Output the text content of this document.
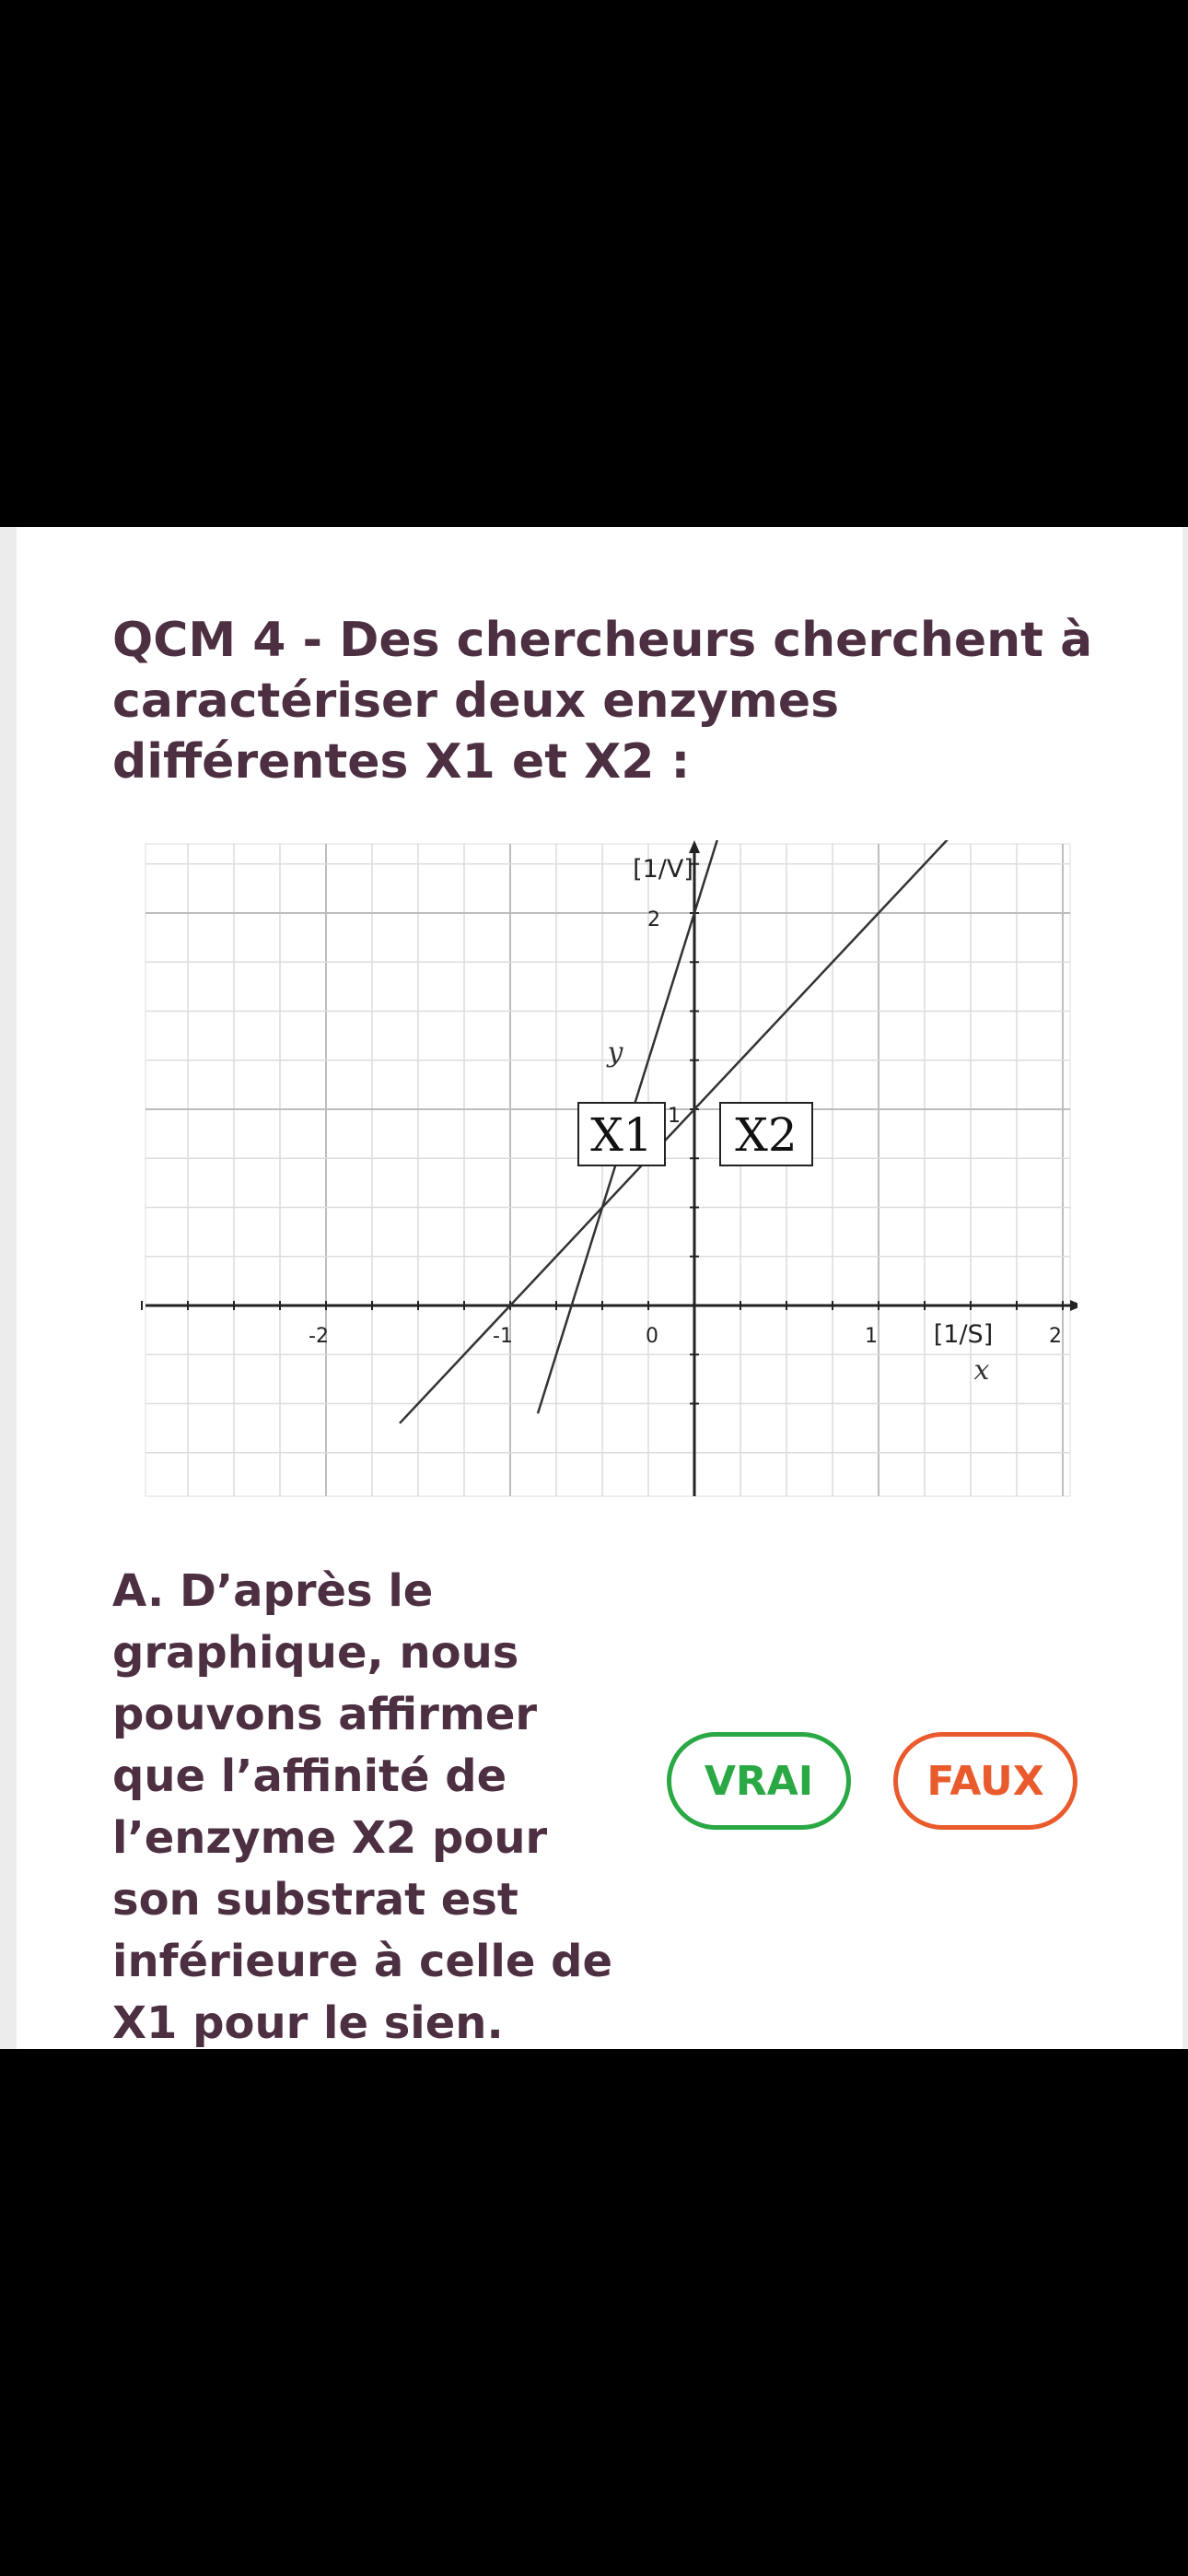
QCM 4 - Des chercheurs cherchent à caractériser deux enzymes différentes X1 et X2 :
-2	-1	0	1	2
1
2
[1/V]
[1/S]
y
x
X1 X2

A. D’après le graphique, nous pouvons affirmer que l’affinité de l’enzyme X2 pour son substrat est inférieure à celle de X1 pour le sien.

VRAI	FAUX
